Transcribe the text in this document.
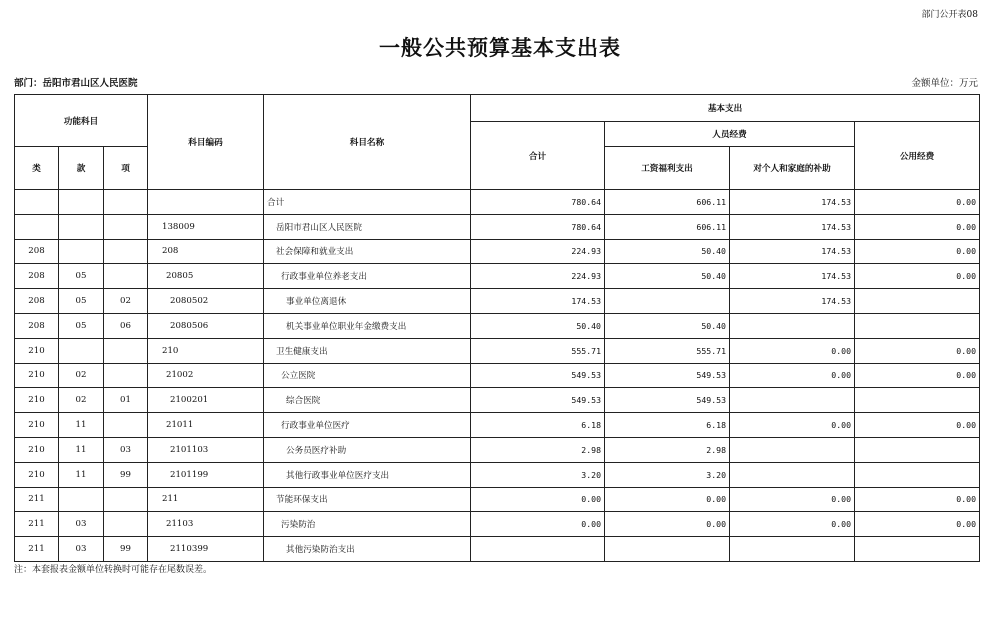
部门公开表08
一般公共预算基本支出表
部门：岳阳市君山区人民医院	金额单位：万元
功能科目			科目编码	科目名称	基本支出			
					合计	人员经费		公用经费
类	款	项				工资福利支出	对个人和家庭的补助	
				合计	780.64	606.11	174.53	0.00
			138009	岳阳市君山区人民医院	780.64	606.11	174.53	0.00
208			208	社会保障和就业支出	224.93	50.40	174.53	0.00
208	05		20805	行政事业单位养老支出	224.93	50.40	174.53	0.00
208	05	02	2080502	事业单位离退休	174.53		174.53	
208	05	06	2080506	机关事业单位职业年金缴费支出	50.40	50.40		
210			210	卫生健康支出	555.71	555.71	0.00	0.00
210	02		21002	公立医院	549.53	549.53	0.00	0.00
210	02	01	2100201	综合医院	549.53	549.53		
210	11		21011	行政事业单位医疗	6.18	6.18	0.00	0.00
210	11	03	2101103	公务员医疗补助	2.98	2.98		
210	11	99	2101199	其他行政事业单位医疗支出	3.20	3.20		
211			211	节能环保支出	0.00	0.00	0.00	0.00
211	03		21103	污染防治	0.00	0.00	0.00	0.00
211	03	99	2110399	其他污染防治支出				
注：本套报表金额单位转换时可能存在尾数误差。
